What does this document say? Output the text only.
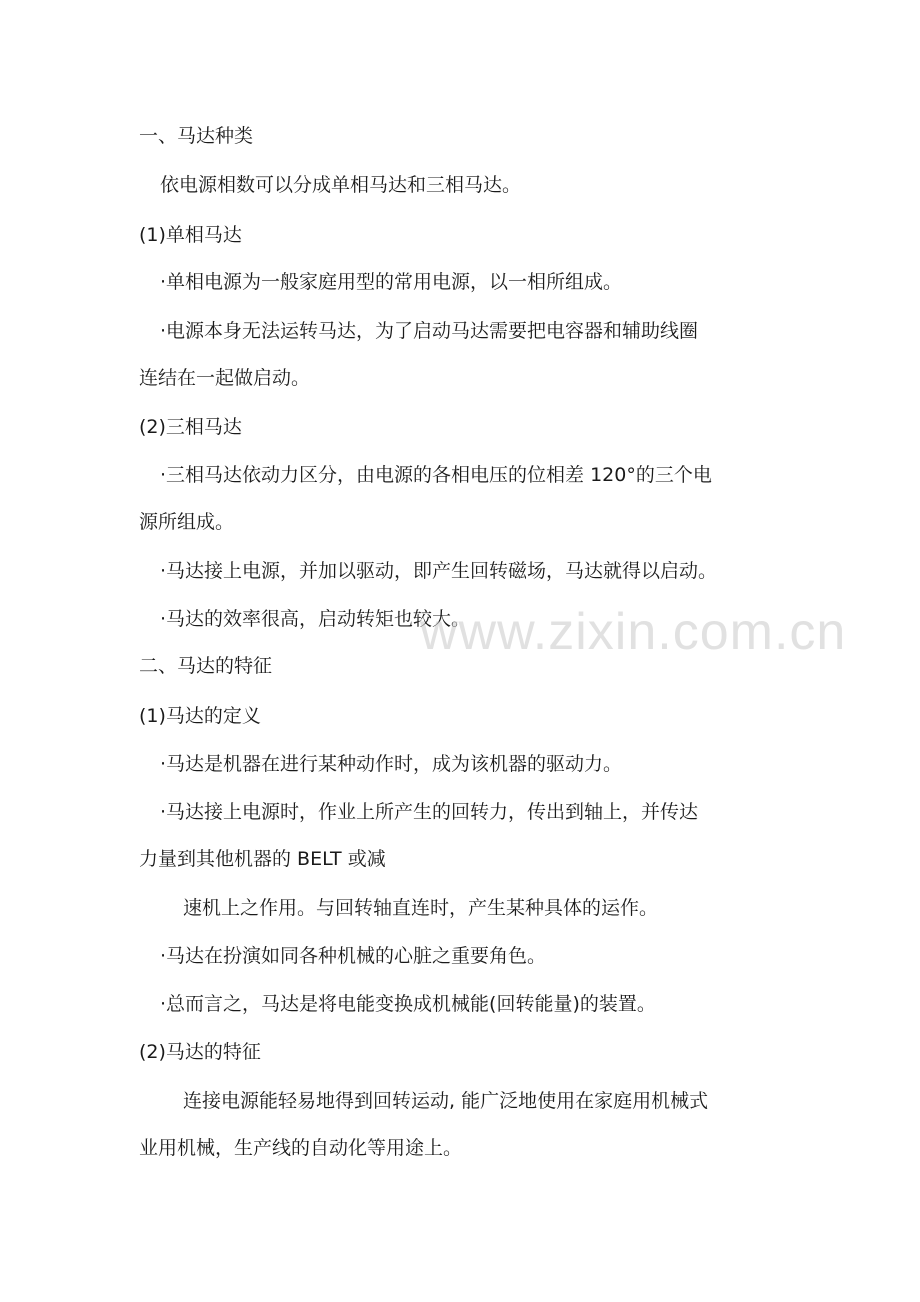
一、马达种类
依电源相数可以分成单相马达和三相马达。
(1)单相马达
·单相电源为一般家庭用型的常用电源，以一相所组成。
·电源本身无法运转马达，为了启动马达需要把电容器和辅助线圈
连结在一起做启动。
(2)三相马达
·三相马达依动力区分，由电源的各相电压的位相差 120°的三个电
源所组成。
·马达接上电源，并加以驱动，即产生回转磁场，马达就得以启动。
·马达的效率很高，启动转矩也较大。
二、马达的特征
(1)马达的定义
·马达是机器在进行某种动作时，成为该机器的驱动力。
·马达接上电源时，作业上所产生的回转力，传出到轴上，并传达
力量到其他机器的 BELT 或减
速机上之作用。与回转轴直连时，产生某种具体的运作。
·马达在扮演如同各种机械的心脏之重要角色。
·总而言之，马达是将电能变换成机械能(回转能量)的装置。
(2)马达的特征
连接电源能轻易地得到回转运动, 能广泛地使用在家庭用机械式
业用机械，生产线的自动化等用途上。
www.zixin.com.cn
